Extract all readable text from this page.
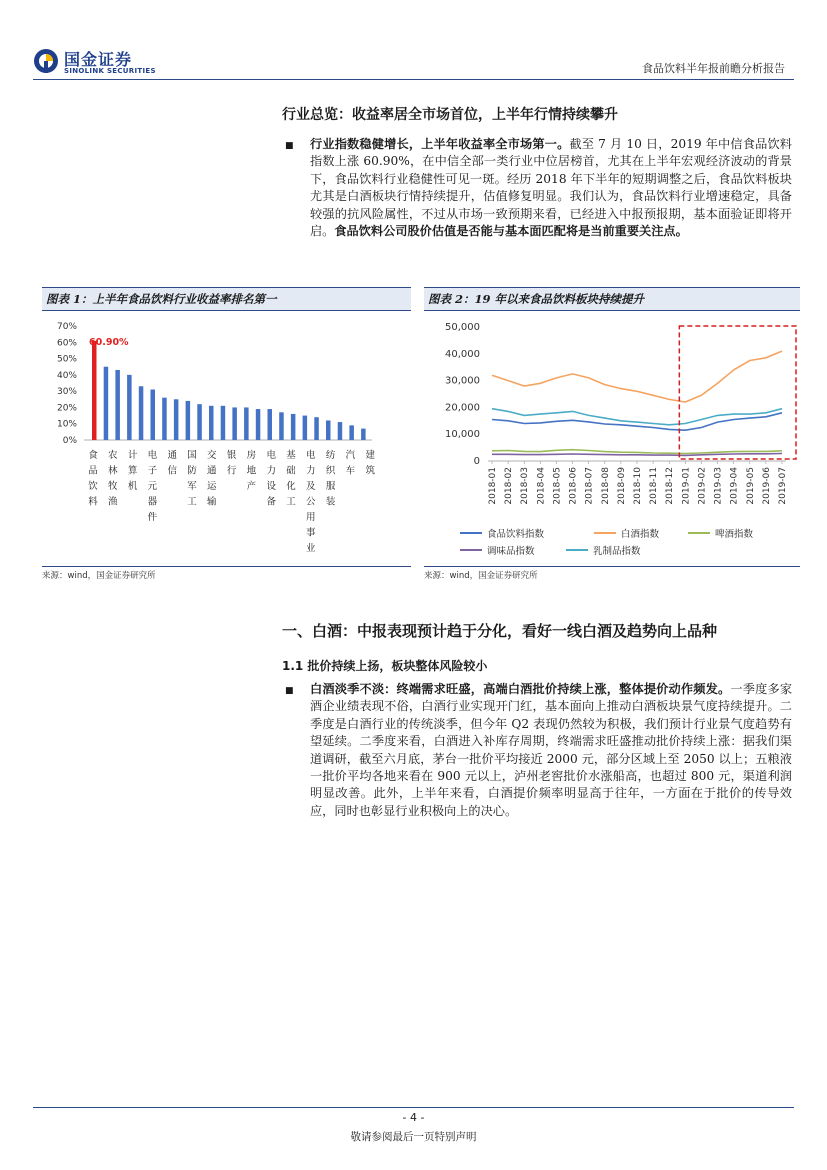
国金证券
SINOLINK SECURITIES	食品饮料半年报前瞻分析报告
行业总览：收益率居全市场首位，上半年行情持续攀升
■ 行业指数稳健增长，上半年收益率全市场第一。截至 7 月 10 日，2019 年中信食品饮料指数上涨 60.90%，在中信全部一类行业中位居榜首，尤其在上半年宏观经济波动的背景下，食品饮料行业稳健性可见一斑。经历 2018 年下半年的短期调整之后，食品饮料板块尤其是白酒板块行情持续提升，估值修复明显。我们认为，食品饮料行业增速稳定，具备较强的抗风险属性，不过从市场一致预期来看，已经进入中报预报期，基本面验证即将开启。食品饮料公司股价估值是否能与基本面匹配将是当前重要关注点。
图表 1：上半年食品饮料行业收益率排名第一
70%
60%
50%
40%
30%
20%
10%
0%
60.90%
食
品
饮
料
农
林
牧
渔
计
算
机
电
子
元
器
件
通
信
国
防
军
工
交
通
运
输
银
行
房
地
产
电
力
设
备
基
础
化
工
电
力
及
公
用
事
业
纺
织
服
装
汽
车
建
筑
来源：wind，国金证券研究所
图表 2：19 年以来食品饮料板块持续提升
50,000
40,000
30,000
20,000
10,000
0
2018-01 2018-02 2018-03 2018-04 2018-05 2018-06 2018-07 2018-08 2018-09 2018-10 2018-11 2018-12 2019-01 2019-02 2019-03 2019-04 2019-05 2019-06 2019-07
食品饮料指数	白酒指数	啤酒指数
调味品指数	乳制品指数
来源：wind，国金证券研究所
一、白酒：中报表现预计趋于分化，看好一线白酒及趋势向上品种
1.1 批价持续上扬，板块整体风险较小
■ 白酒淡季不淡：终端需求旺盛，高端白酒批价持续上涨，整体提价动作频发。一季度多家酒企业绩表现不俗，白酒行业实现开门红，基本面向上推动白酒板块景气度持续提升。二季度是白酒行业的传统淡季，但今年 Q2 表现仍然较为积极，我们预计行业景气度趋势有望延续。二季度来看，白酒进入补库存周期，终端需求旺盛推动批价持续上涨：据我们渠道调研，截至六月底，茅台一批价平均接近 2000 元，部分区域上至 2050 以上；五粮液一批价平均各地来看在 900 元以上，泸州老窖批价水涨船高，也超过 800 元，渠道利润明显改善。此外，上半年来看，白酒提价频率明显高于往年，一方面在于批价的传导效应，同时也彰显行业积极向上的决心。
- 4 -
敬请参阅最后一页特别声明
